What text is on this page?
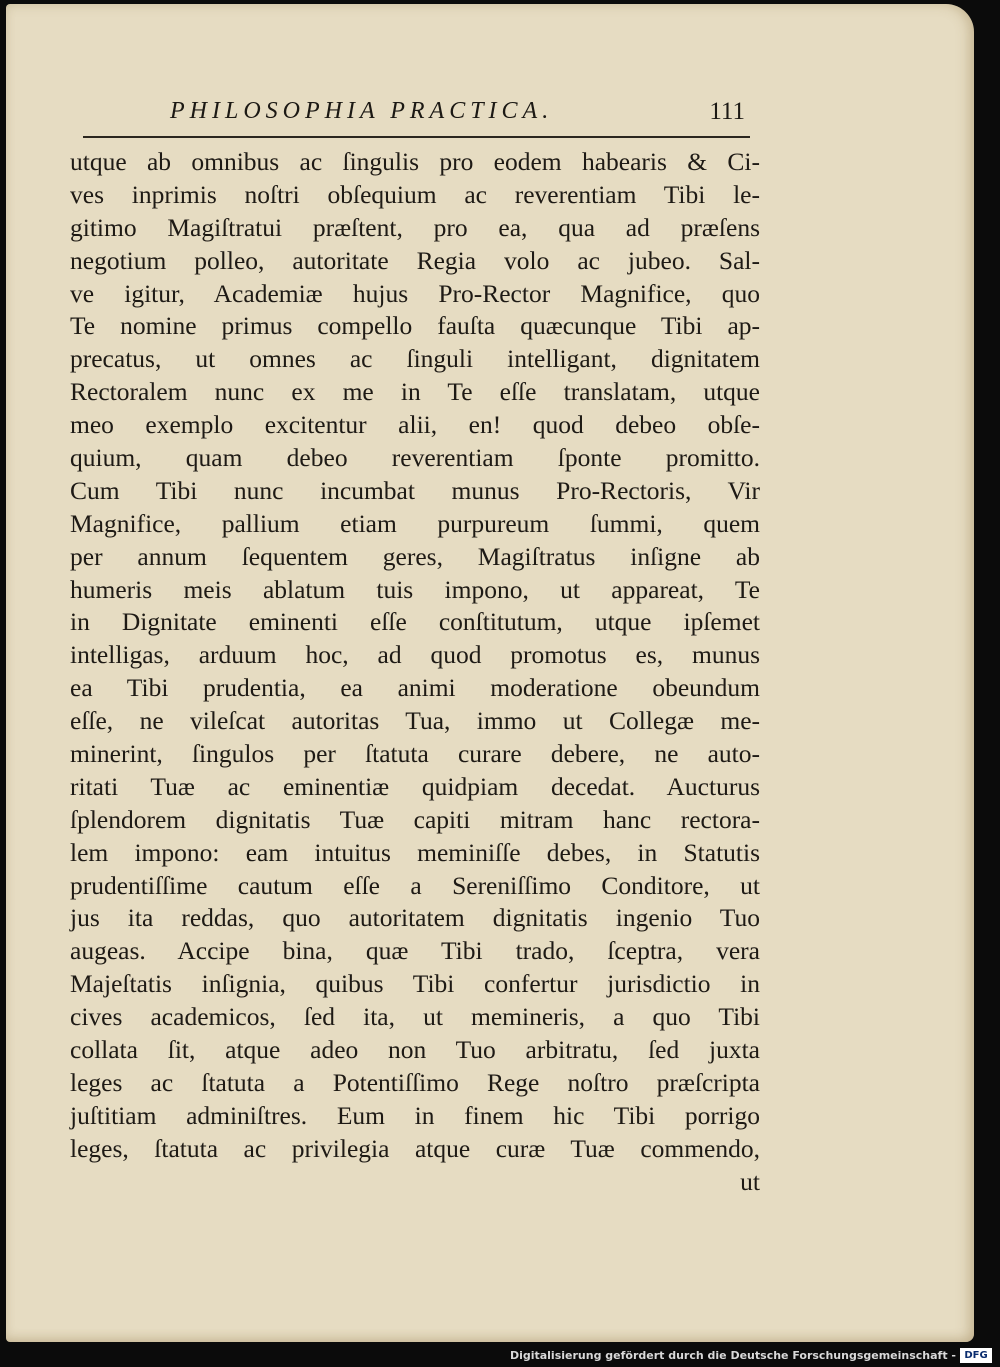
PHILOSOPHIA PRACTICA.	111
utque ab omnibus ac ſingulis pro eodem habearis & Ci-
ves inprimis noſtri obſequium ac reverentiam Tibi le-
gitimo Magiſtratui præſtent, pro ea, qua ad præſens
negotium polleo, autoritate Regia volo ac jubeo. Sal-
ve igitur, Academiæ hujus Pro-Rector Magnifice, quo
Te nomine primus compello fauſta quæcunque Tibi ap-
precatus, ut omnes ac ſinguli intelligant, dignitatem
Rectoralem nunc ex me in Te eſſe translatam, utque
meo exemplo excitentur alii, en! quod debeo obſe-
quium, quam debeo reverentiam ſponte promitto.
Cum Tibi nunc incumbat munus Pro-Rectoris, Vir
Magnifice, pallium etiam purpureum ſummi, quem
per annum ſequentem geres, Magiſtratus inſigne ab
humeris meis ablatum tuis impono, ut appareat, Te
in Dignitate eminenti eſſe conſtitutum, utque ipſemet
intelligas, arduum hoc, ad quod promotus es, munus
ea Tibi prudentia, ea animi moderatione obeundum
eſſe, ne vileſcat autoritas Tua, immo ut Collegæ me-
minerint, ſingulos per ſtatuta curare debere, ne auto-
ritati Tuæ ac eminentiæ quidpiam decedat. Aucturus
ſplendorem dignitatis Tuæ capiti mitram hanc rectora-
lem impono: eam intuitus meminiſſe debes, in Statutis
prudentiſſime cautum eſſe a Sereniſſimo Conditore, ut
jus ita reddas, quo autoritatem dignitatis ingenio Tuo
augeas. Accipe bina, quæ Tibi trado, ſceptra, vera
Majeſtatis inſignia, quibus Tibi confertur jurisdictio in
cives academicos, ſed ita, ut memineris, a quo Tibi
collata ſit, atque adeo non Tuo arbitratu, ſed juxta
leges ac ſtatuta a Potentiſſimo Rege noſtro præſcripta
juſtitiam adminiſtres. Eum in finem hic Tibi porrigo
leges, ſtatuta ac privilegia atque curæ Tuæ commendo,
ut
Digitalisierung gefördert durch die Deutsche Forschungsgemeinschaft - DFG
